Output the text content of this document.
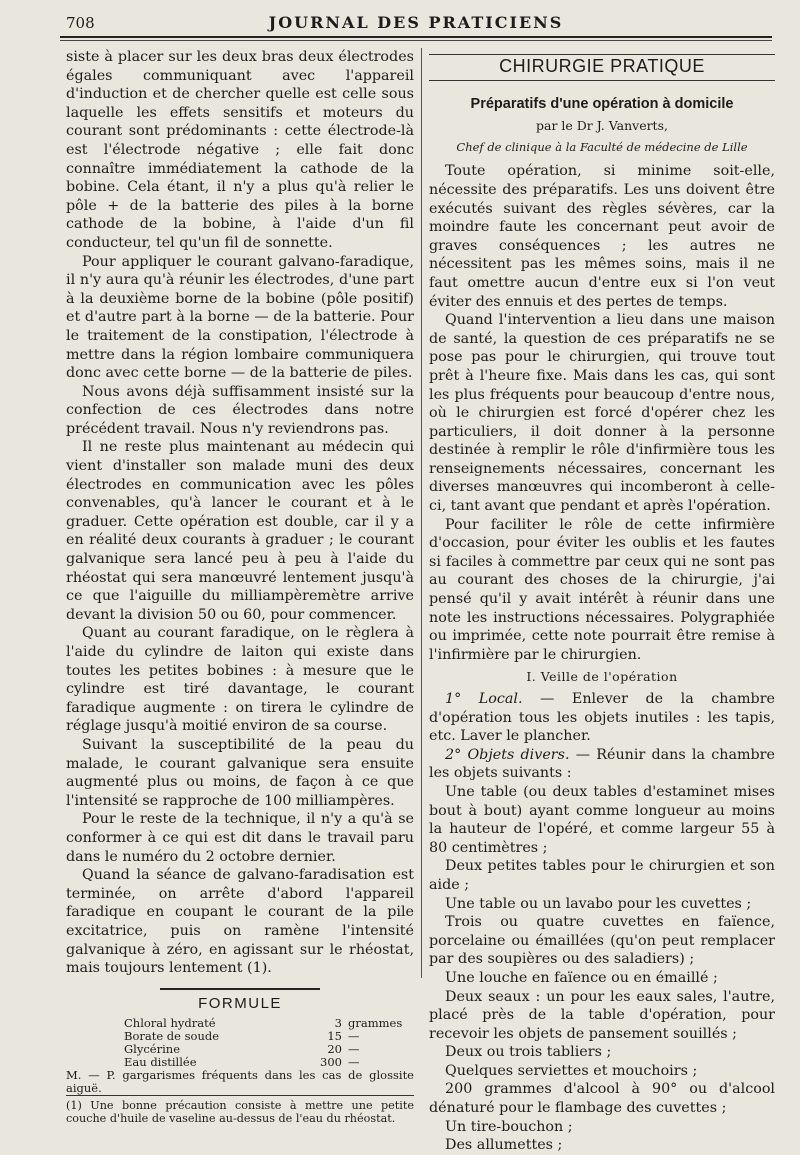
708	JOURNAL DES PRATICIENS

siste à placer sur les deux bras deux électrodes égales communiquant avec l'appareil d'induction et de chercher quelle est celle sous laquelle les effets sensitifs et moteurs du courant sont prédominants : cette électrode-là est l'électrode négative ; elle fait donc connaître immédiatement la cathode de la bobine. Cela étant, il n'y a plus qu'à relier le pôle + de la batterie des piles à la borne cathode de la bobine, à l'aide d'un fil conducteur, tel qu'un fil de sonnette.

Pour appliquer le courant galvano-faradique, il n'y aura qu'à réunir les électrodes, d'une part à la deuxième borne de la bobine (pôle positif) et d'autre part à la borne — de la batterie. Pour le traitement de la constipation, l'électrode à mettre dans la région lombaire communiquera donc avec cette borne — de la batterie de piles.

Nous avons déjà suffisamment insisté sur la confection de ces électrodes dans notre précédent travail. Nous n'y reviendrons pas.

Il ne reste plus maintenant au médecin qui vient d'installer son malade muni des deux électrodes en communication avec les pôles convenables, qu'à lancer le courant et à le graduer. Cette opération est double, car il y a en réalité deux courants à graduer ; le courant galvanique sera lancé peu à peu à l'aide du rhéostat qui sera manœuvré lentement jusqu'à ce que l'aiguille du milliampèremètre arrive devant la division 50 ou 60, pour commencer.

Quant au courant faradique, on le règlera à l'aide du cylindre de laiton qui existe dans toutes les petites bobines : à mesure que le cylindre est tiré davantage, le courant faradique augmente : on tirera le cylindre de réglage jusqu'à moitié environ de sa course.

Suivant la susceptibilité de la peau du malade, le courant galvanique sera ensuite augmenté plus ou moins, de façon à ce que l'intensité se rapproche de 100 milliampères.

Pour le reste de la technique, il n'y a qu'à se conformer à ce qui est dit dans le travail paru dans le numéro du 2 octobre dernier.

Quand la séance de galvano-faradisation est terminée, on arrête d'abord l'appareil faradique en coupant le courant de la pile excitatrice, puis on ramène l'intensité galvanique à zéro, en agissant sur le rhéostat, mais toujours lentement (1).

FORMULE
Chloral hydraté	3	grammes
Borate de soude	15	—
Glycérine	20	—
Eau distillée	300	—

M. — P. gargarismes fréquents dans les cas de glossite aiguë.

(1) Une bonne précaution consiste à mettre une petite couche d'huile de vaseline au-dessus de l'eau du rhéostat.

CHIRURGIE PRATIQUE
Préparatifs d'une opération à domicile
par le Dr J. Vanverts,
Chef de clinique à la Faculté de médecine de Lille

Toute opération, si minime soit-elle, nécessite des préparatifs. Les uns doivent être exécutés suivant des règles sévères, car la moindre faute les concernant peut avoir de graves conséquences ; les autres ne nécessitent pas les mêmes soins, mais il ne faut omettre aucun d'entre eux si l'on veut éviter des ennuis et des pertes de temps.

Quand l'intervention a lieu dans une maison de santé, la question de ces préparatifs ne se pose pas pour le chirurgien, qui trouve tout prêt à l'heure fixe. Mais dans les cas, qui sont les plus fréquents pour beaucoup d'entre nous, où le chirurgien est forcé d'opérer chez les particuliers, il doit donner à la personne destinée à remplir le rôle d'infirmière tous les renseignements nécessaires, concernant les diverses manœuvres qui incomberont à celle-ci, tant avant que pendant et après l'opération.

Pour faciliter le rôle de cette infirmière d'occasion, pour éviter les oublis et les fautes si faciles à commettre par ceux qui ne sont pas au courant des choses de la chirurgie, j'ai pensé qu'il y avait intérêt à réunir dans une note les instructions nécessaires. Polygraphiée ou imprimée, cette note pourrait être remise à l'infirmière par le chirurgien.

I. Veille de l'opération

1° Local. — Enlever de la chambre d'opération tous les objets inutiles : les tapis, etc. Laver le plancher.

2° Objets divers. — Réunir dans la chambre les objets suivants :

Une table (ou deux tables d'estaminet mises bout à bout) ayant comme longueur au moins la hauteur de l'opéré, et comme largeur 55 à 80 centimètres ;

Deux petites tables pour le chirurgien et son aide ;

Une table ou un lavabo pour les cuvettes ;

Trois ou quatre cuvettes en faïence, porcelaine ou émaillées (qu'on peut remplacer par des soupières ou des saladiers) ;

Une louche en faïence ou en émaillé ;

Deux seaux : un pour les eaux sales, l'autre, placé près de la table d'opération, pour recevoir les objets de pansement souillés ;

Deux ou trois tabliers ;

Quelques serviettes et mouchoirs ;

200 grammes d'alcool à 90° ou d'alcool dénaturé pour le flambage des cuvettes ;

Un tire-bouchon ;

Des allumettes ;
